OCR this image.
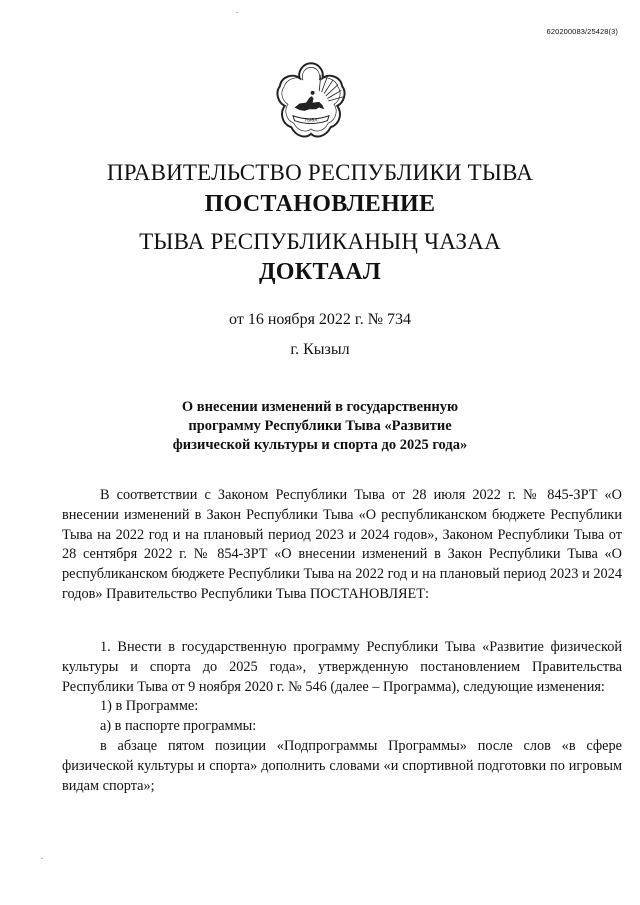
620200083/25428(3)
ТЫВА
ПРАВИТЕЛЬСТВО РЕСПУБЛИКИ ТЫВА
ПОСТАНОВЛЕНИЕ
ТЫВА РЕСПУБЛИКАНЫҢ ЧАЗАА
ДОКТААЛ
от 16 ноября 2022 г. № 734
г. Кызыл
О внесении изменений в государственную
программу Республики Тыва «Развитие
физической культуры и спорта до 2025 года»

В соответствии с Законом Республики Тыва от 28 июля 2022 г. № 845-ЗРТ «О внесении изменений в Закон Республики Тыва «О республиканском бюджете Республики Тыва на 2022 год и на плановый период 2023 и 2024 годов», Законом Республики Тыва от 28 сентября 2022 г. № 854-ЗРТ «О внесении изменений в Закон Республики Тыва «О республиканском бюджете Республики Тыва на 2022 год и на плановый период 2023 и 2024 годов» Правительство Республики Тыва ПОСТАНОВЛЯЕТ:

1. Внести в государственную программу Республики Тыва «Развитие физической культуры и спорта до 2025 года», утвержденную постановлением Правительства Республики Тыва от 9 ноября 2020 г. № 546 (далее – Программа), следующие изменения:

1) в Программе:

а) в паспорте программы:

в абзаце пятом позиции «Подпрограммы Программы» после слов «в сфере физической культуры и спорта» дополнить словами «и спортивной подготовки по игровым видам спорта»;
